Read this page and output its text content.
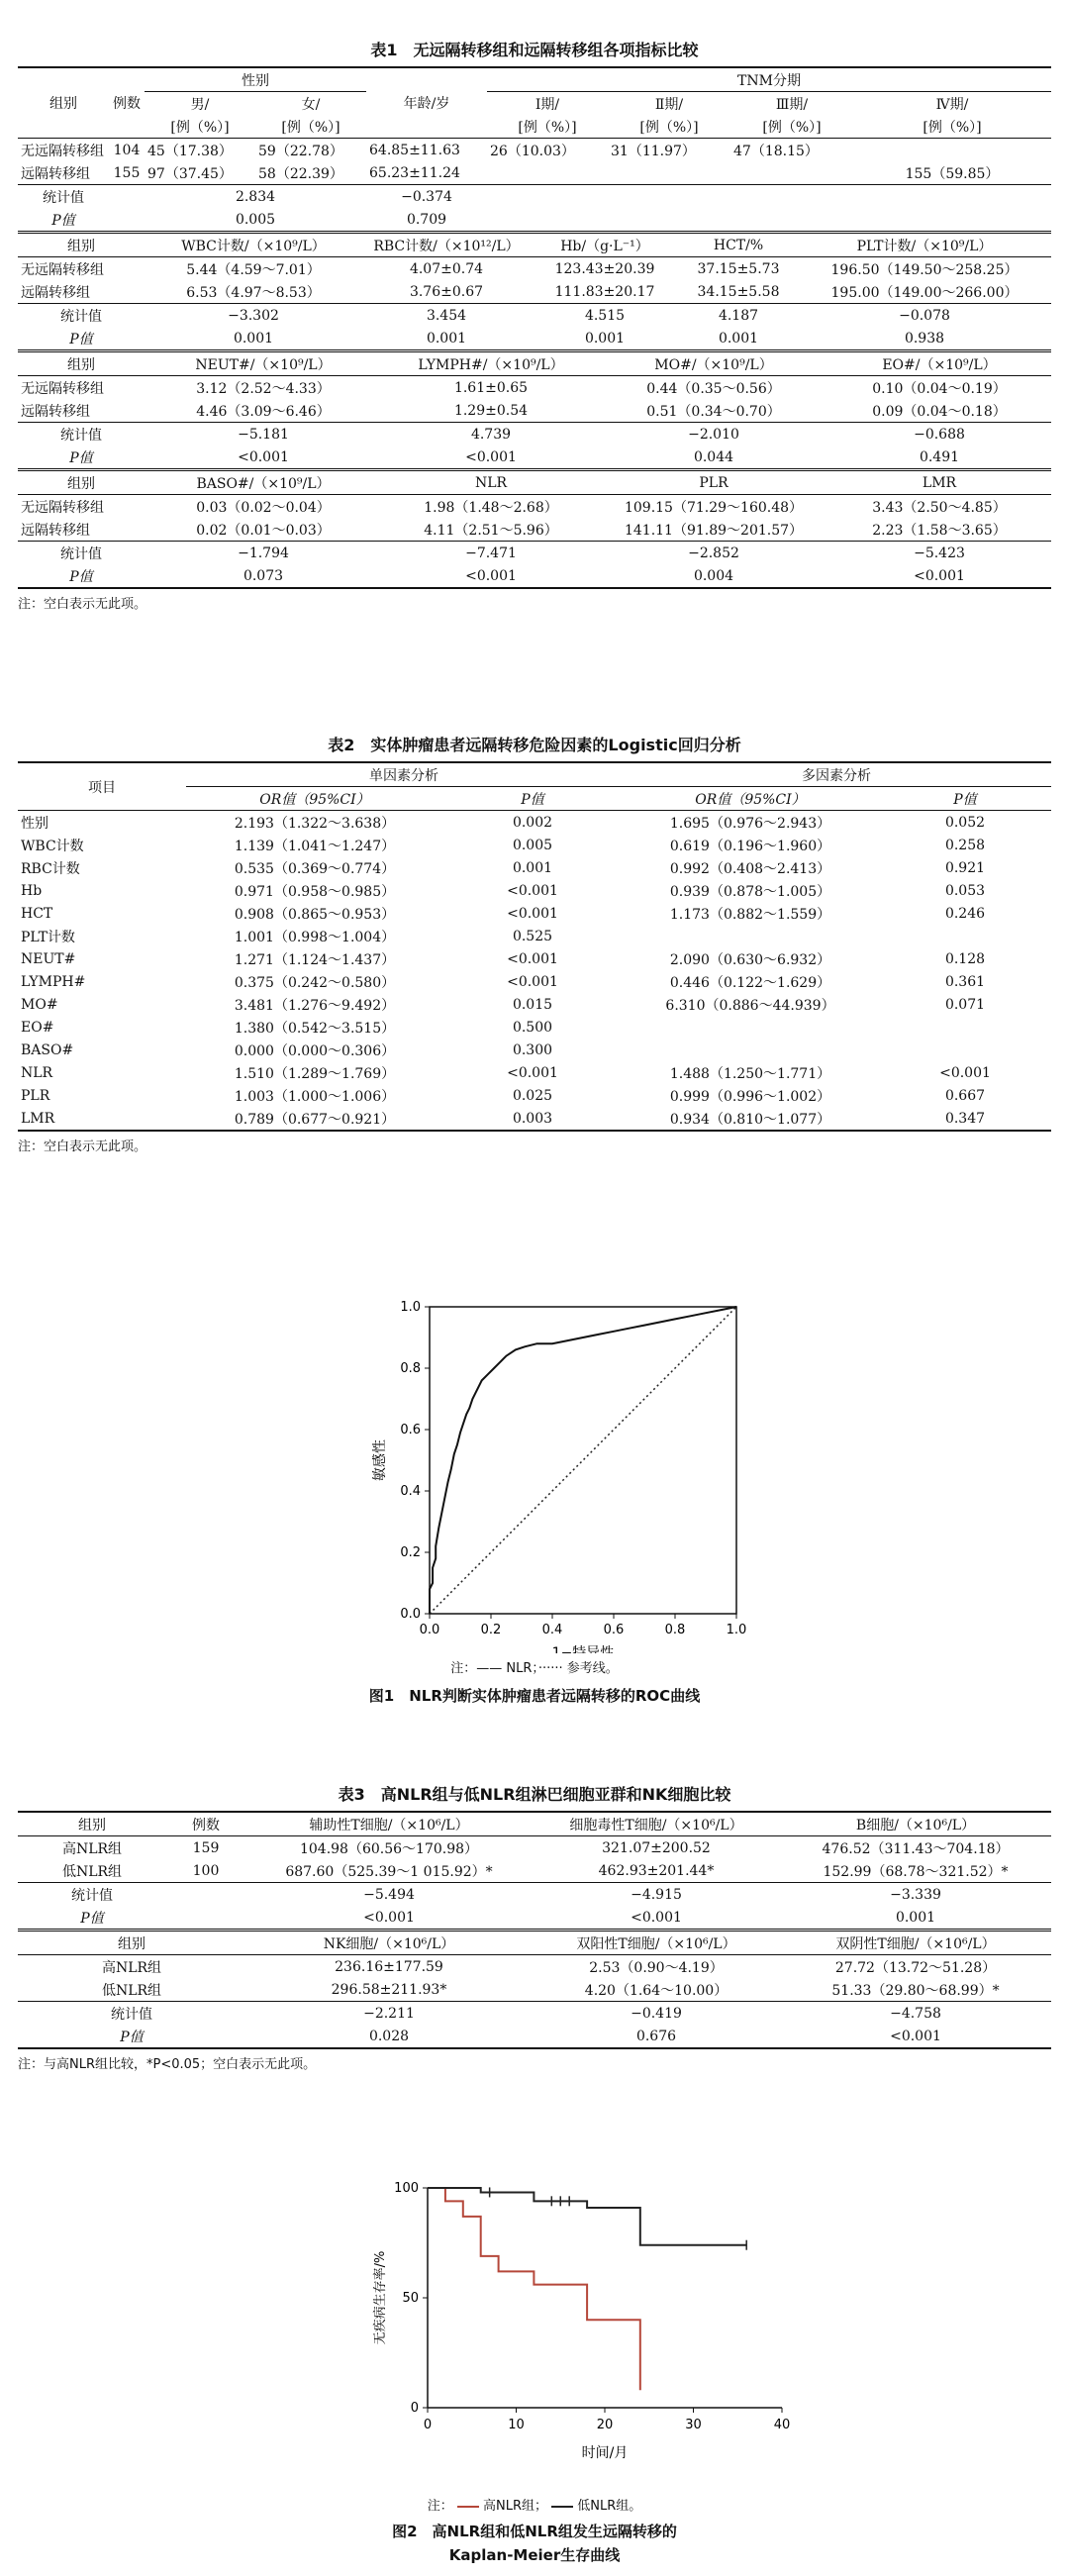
表1　无远隔转移组和远隔转移组各项指标比较
组别	例数	性别		年龄/岁	TNM分期			
		男/	女/		Ⅰ期/	Ⅱ期/	Ⅲ期/	Ⅳ期/
		[例（%）]	[例（%）]		[例（%）]	[例（%）]	[例（%）]	[例（%）]
无远隔转移组	104	45（17.38）	59（22.78）	64.85±11.63	26（10.03）	31（11.97）	47（18.15）	
远隔转移组	155	97（37.45）	58（22.39）	65.23±11.24				155（59.85）
统计值		2.834		−0.374				
P值		0.005		0.709				
组别	WBC计数/（×10⁹/L）	RBC计数/（×10¹²/L）	Hb/（g·L⁻¹）	HCT/%	PLT计数/（×10⁹/L）
无远隔转移组	5.44（4.59～7.01）	4.07±0.74	123.43±20.39	37.15±5.73	196.50（149.50～258.25）
远隔转移组	6.53（4.97～8.53）	3.76±0.67	111.83±20.17	34.15±5.58	195.00（149.00～266.00）
统计值	−3.302	3.454	4.515	4.187	−0.078
P值	0.001	0.001	0.001	0.001	0.938
组别	NEUT#/（×10⁹/L）	LYMPH#/（×10⁹/L）	MO#/（×10⁹/L）	EO#/（×10⁹/L）
无远隔转移组	3.12（2.52～4.33）	1.61±0.65	0.44（0.35～0.56）	0.10（0.04～0.19）
远隔转移组	4.46（3.09～6.46）	1.29±0.54	0.51（0.34～0.70）	0.09（0.04～0.18）
统计值	−5.181	4.739	−2.010	−0.688
P值	<0.001	<0.001	0.044	0.491
组别	BASO#/（×10⁹/L）	NLR	PLR	LMR
无远隔转移组	0.03（0.02～0.04）	1.98（1.48～2.68）	109.15（71.29～160.48）	3.43（2.50～4.85）
远隔转移组	0.02（0.01～0.03）	4.11（2.51～5.96）	141.11（91.89～201.57）	2.23（1.58～3.65）
统计值	−1.794	−7.471	−2.852	−5.423
P值	0.073	<0.001	0.004	<0.001
注：空白表示无此项。
表2　实体肿瘤患者远隔转移危险因素的Logistic回归分析
项目	单因素分析		多因素分析	
	OR值（95%CI）	P值	OR值（95%CI）	P值
性别	2.193（1.322～3.638）	0.002	1.695（0.976～2.943）	0.052
WBC计数	1.139（1.041～1.247）	0.005	0.619（0.196～1.960）	0.258
RBC计数	0.535（0.369～0.774）	0.001	0.992（0.408～2.413）	0.921
Hb	0.971（0.958～0.985）	<0.001	0.939（0.878～1.005）	0.053
HCT	0.908（0.865～0.953）	<0.001	1.173（0.882～1.559）	0.246
PLT计数	1.001（0.998～1.004）	0.525		
NEUT#	1.271（1.124～1.437）	<0.001	2.090（0.630～6.932）	0.128
LYMPH#	0.375（0.242～0.580）	<0.001	0.446（0.122～1.629）	0.361
MO#	3.481（1.276～9.492）	0.015	6.310（0.886～44.939）	0.071
EO#	1.380（0.542～3.515）	0.500		
BASO#	0.000（0.000～0.306）	0.300		
NLR	1.510（1.289～1.769）	<0.001	1.488（1.250～1.771）	<0.001
PLR	1.003（1.000～1.006）	0.025	0.999（0.996～1.002）	0.667
LMR	0.789（0.677～0.921）	0.003	0.934（0.810～1.077）	0.347
注：空白表示无此项。
0.0	0.2	0.4	0.6	0.8	1.0
0.0
0.2
0.4
0.6
0.8
1.0
1−特异性
敏感性
注：—— NLR；······ 参考线。
图1　NLR判断实体肿瘤患者远隔转移的ROC曲线
表3　高NLR组与低NLR组淋巴细胞亚群和NK细胞比较
组别	例数	辅助性T细胞/（×10⁶/L）	细胞毒性T细胞/（×10⁶/L）	B细胞/（×10⁶/L）
高NLR组	159	104.98（60.56～170.98）	321.07±200.52	476.52（311.43～704.18）
低NLR组	100	687.60（525.39～1 015.92）*	462.93±201.44*	152.99（68.78～321.52）*
统计值		−5.494	−4.915	−3.339
P值		<0.001	<0.001	0.001
组别	NK细胞/（×10⁶/L）	双阳性T细胞/（×10⁶/L）	双阴性T细胞/（×10⁶/L）
高NLR组	236.16±177.59	2.53（0.90～4.19）	27.72（13.72～51.28）
低NLR组	296.58±211.93*	4.20（1.64～10.00）	51.33（29.80～68.99）*
统计值	−2.211	−0.419	−4.758
P值	0.028	0.676	<0.001
注：与高NLR组比较，*P<0.05；空白表示无此项。
0	10	20	30	40
0
50
100
时间/月
无疾病生存率/%
注： 高NLR组； 低NLR组。
图2　高NLR组和低NLR组发生远隔转移的
Kaplan-Meier生存曲线
